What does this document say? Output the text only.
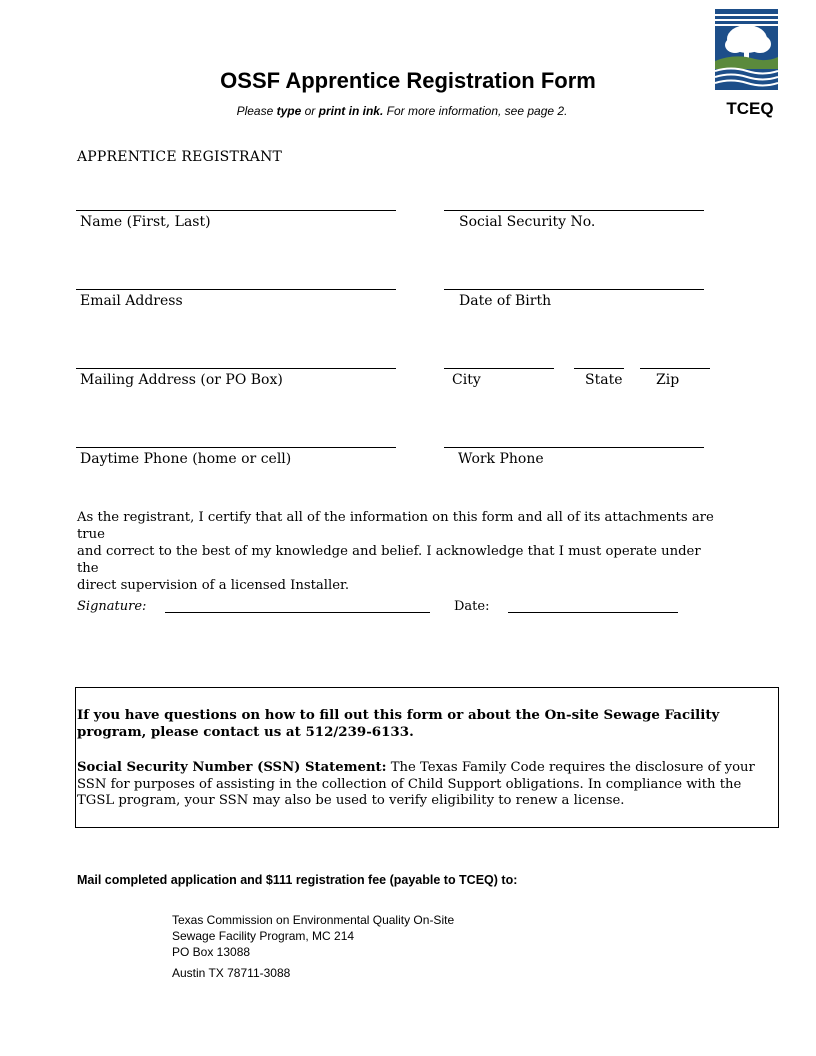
TCEQ
OSSF Apprentice Registration Form
Please type or print in ink. For more information, see page 2.
APPRENTICE REGISTRANT
Name (First, Last)	Social Security No.
Email Address	Date of Birth
Mailing Address (or PO Box)	City	State Zip
Daytime Phone (home or cell)	Work Phone
As the registrant, I certify that all of the information on this form and all of its attachments are true
and correct to the best of my knowledge and belief. I acknowledge that I must operate under the
direct supervision of a licensed Installer.
Signature:	Date:
If you have questions on how to fill out this form or about the On-site Sewage Facility program, please contact us at 512/239-6133.
Social Security Number (SSN) Statement: The Texas Family Code requires the disclosure of your SSN for purposes of assisting in the collection of Child Support obligations. In compliance with the TGSL program, your SSN may also be used to verify eligibility to renew a license.
Mail completed application and $111 registration fee (payable to TCEQ) to:
Texas Commission on Environmental Quality On-Site
Sewage Facility Program, MC 214
PO Box 13088
Austin TX 78711-3088
